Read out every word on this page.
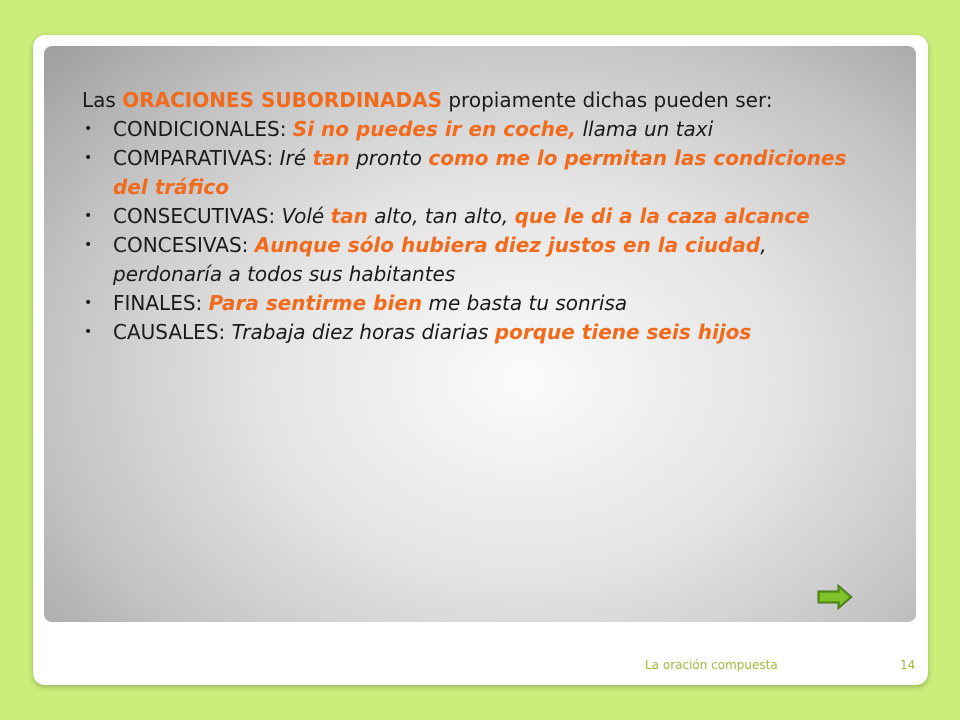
Las ORACIONES SUBORDINADAS propiamente dichas pueden ser:

• CONDICIONALES: Si no puedes ir en coche, llama un taxi
• COMPARATIVAS: Iré tan pronto como me lo permitan las condiciones del tráfico
• CONSECUTIVAS: Volé tan alto, tan alto, que le di a la caza alcance
• CONCESIVAS: Aunque sólo hubiera diez justos en la ciudad, perdonaría a todos sus habitantes
• FINALES: Para sentirme bien me basta tu sonrisa
• CAUSALES: Trabaja diez horas diarias porque tiene seis hijos
La oración compuesta	14
